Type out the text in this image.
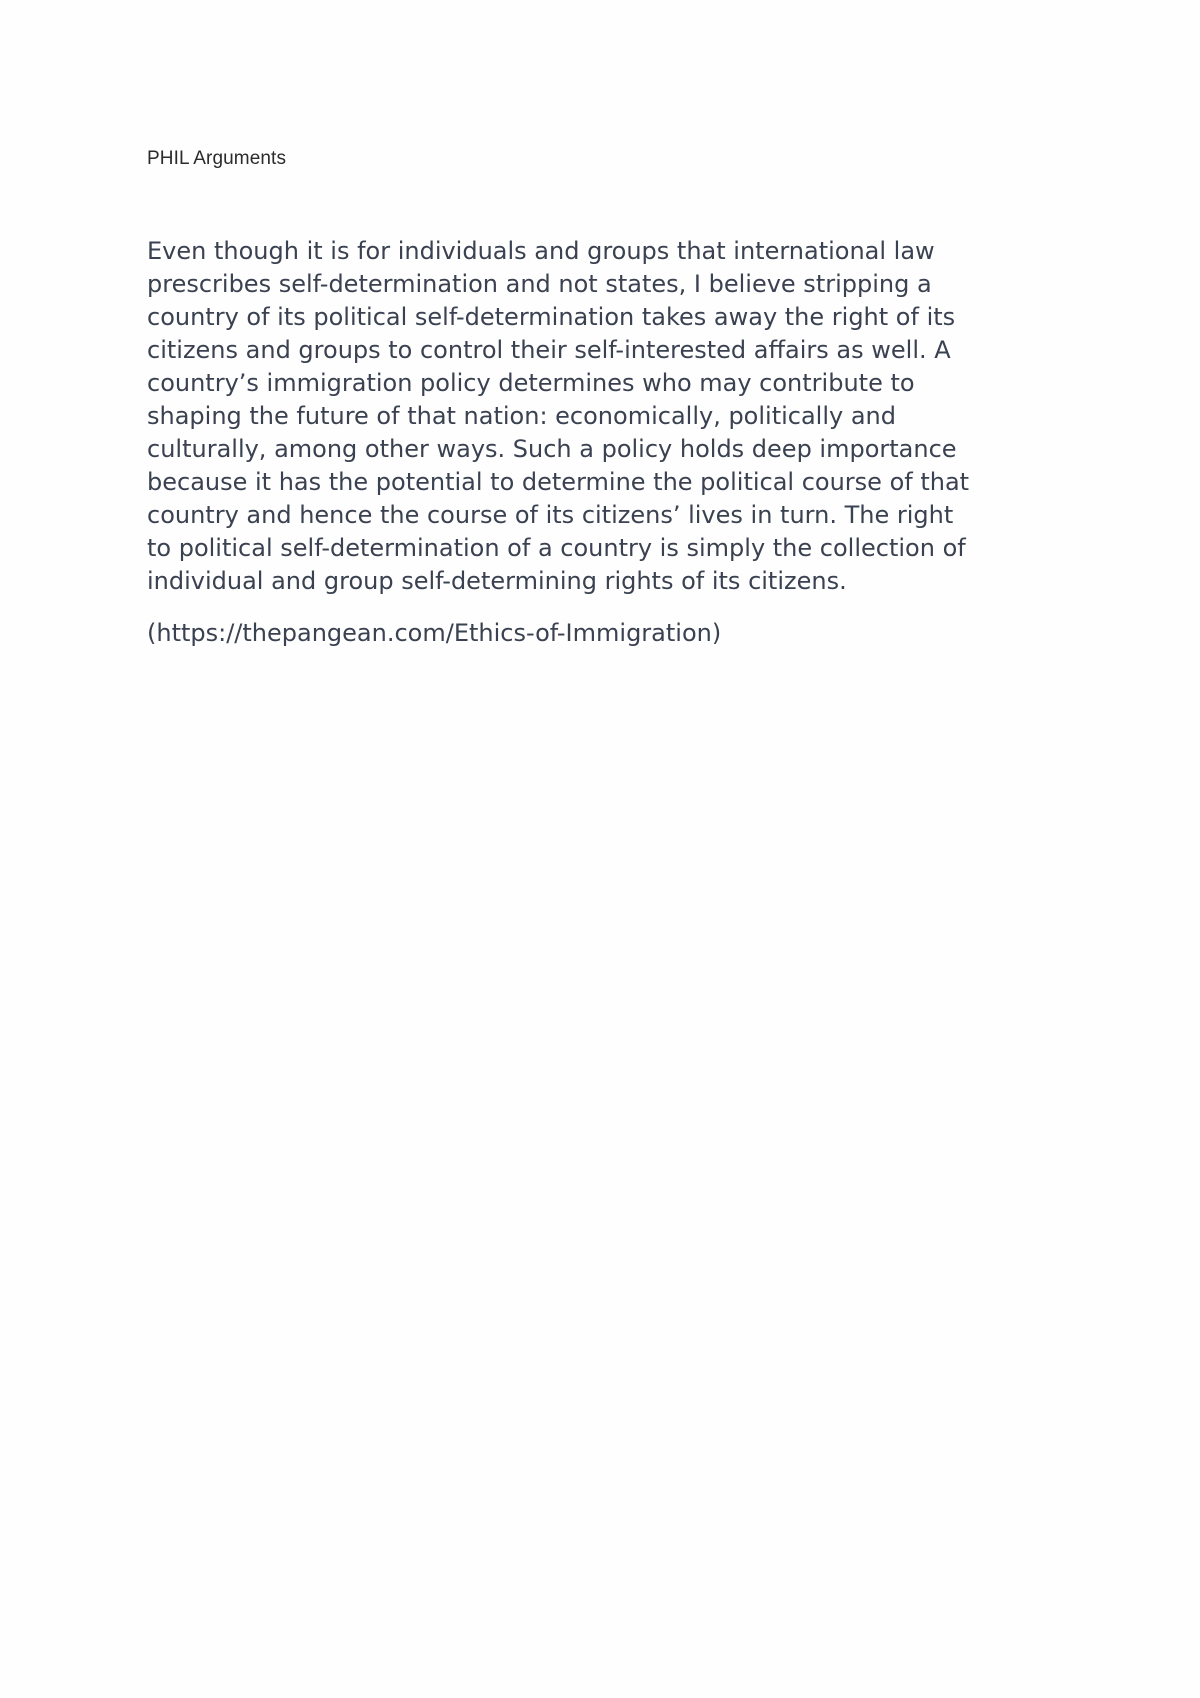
PHIL Arguments

Even though it is for individuals and groups that international law
prescribes self-determination and not states, I believe stripping a
country of its political self-determination takes away the right of its
citizens and groups to control their self-interested affairs as well. A
country’s immigration policy determines who may contribute to
shaping the future of that nation: economically, politically and
culturally, among other ways. Such a policy holds deep importance
because it has the potential to determine the political course of that
country and hence the course of its citizens’ lives in turn. The right
to political self-determination of a country is simply the collection of
individual and group self-determining rights of its citizens.

(https://thepangean.com/Ethics-of-Immigration)
